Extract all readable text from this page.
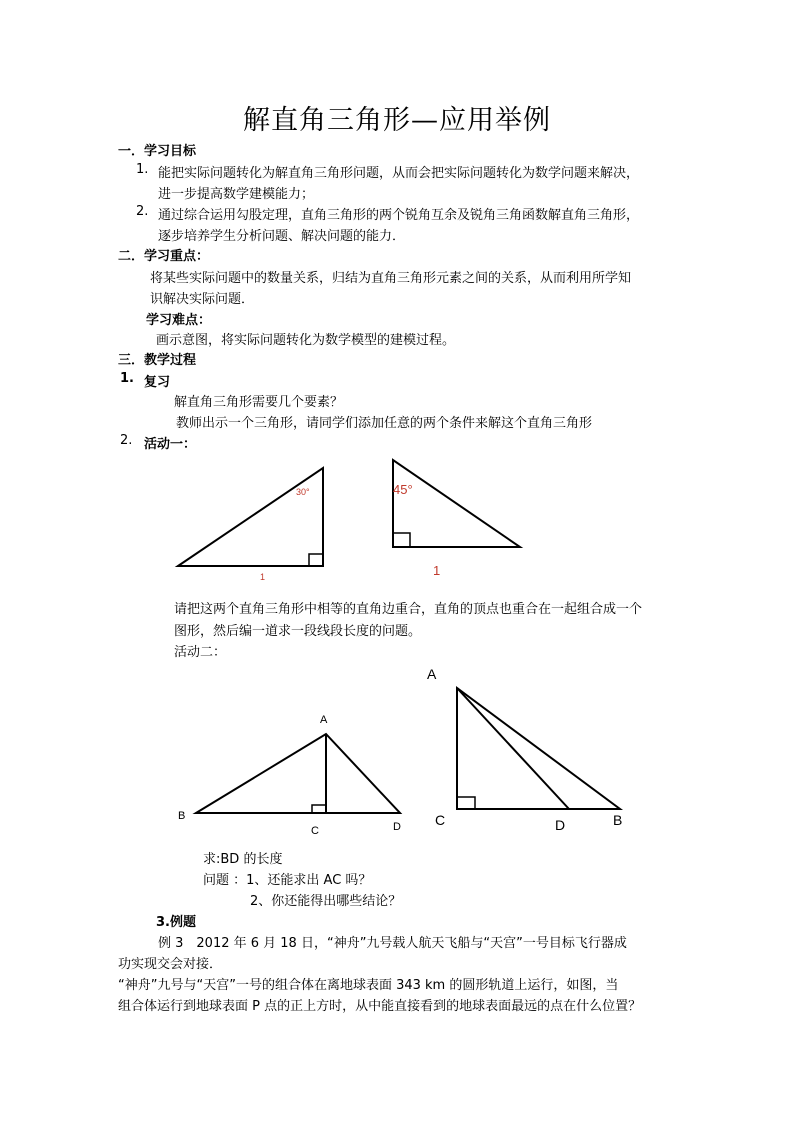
解直角三角形—应用举例
一．学习目标
1. 能把实际问题转化为解直角三角形问题，从而会把实际问题转化为数学问题来解决，
进一步提高数学建模能力；
2. 通过综合运用勾股定理，直角三角形的两个锐角互余及锐角三角函数解直角三角形，
逐步培养学生分析问题、解决问题的能力．
二．学习重点：
将某些实际问题中的数量关系，归结为直角三角形元素之间的关系，从而利用所学知
识解决实际问题．
学习难点：
画示意图，将实际问题转化为数学模型的建模过程。
三．教学过程
1. 复习
解直角三角形需要几个要素？
教师出示一个三角形，请同学们添加任意的两个条件来解这个直角三角形
2. 活动一：
30°
1
45°
1
A
B
C	D
A
C	D	B
请把这两个直角三角形中相等的直角边重合，直角的顶点也重合在一起组合成一个
图形，然后编一道求一段线段长度的问题。
活动二：
求:BD 的长度
问题 ：1、还能求出 AC 吗？
2、你还能得出哪些结论？
3.例题
例 3　2012 年 6 月 18 日，“神舟”九号载人航天飞船与“天宫”一号目标飞行器成
功实现交会对接．
“神舟”九号与“天宫”一号的组合体在离地球表面 343 km 的圆形轨道上运行，如图，当
组合体运行到地球表面 P 点的正上方时，从中能直接看到的地球表面最远的点在什么位置？
